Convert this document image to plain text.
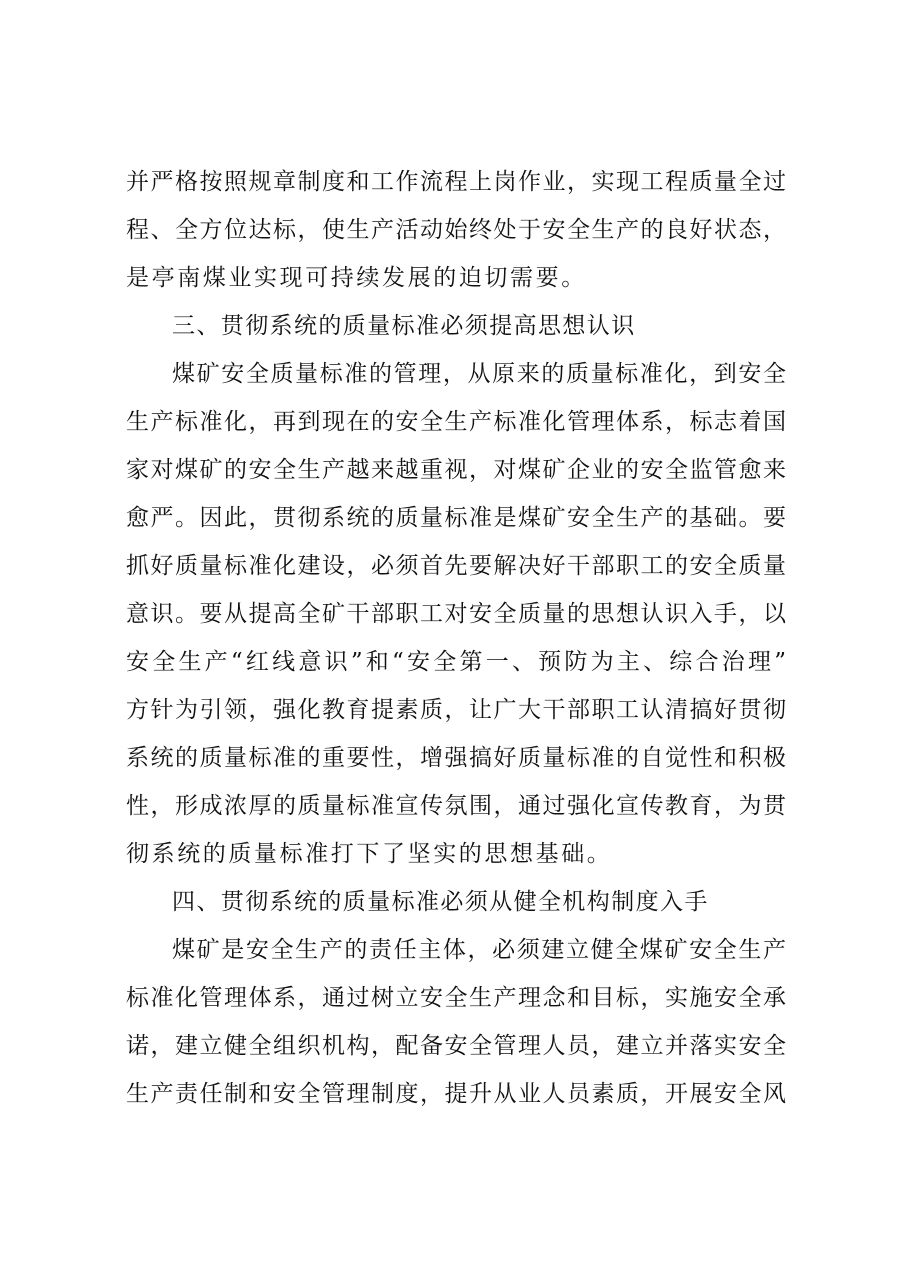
并严格按照规章制度和工作流程上岗作业，实现工程质量全过
程、全方位达标，使生产活动始终处于安全生产的良好状态，
是亭南煤业实现可持续发展的迫切需要。
三、贯彻系统的质量标准必须提高思想认识
煤矿安全质量标准的管理，从原来的质量标准化，到安全
生产标准化，再到现在的安全生产标准化管理体系，标志着国
家对煤矿的安全生产越来越重视，对煤矿企业的安全监管愈来
愈严。因此，贯彻系统的质量标准是煤矿安全生产的基础。要
抓好质量标准化建设，必须首先要解决好干部职工的安全质量
意识。要从提高全矿干部职工对安全质量的思想认识入手，以
安全生产“红线意识”和“安全第一、预防为主、综合治理”
方针为引领，强化教育提素质，让广大干部职工认清搞好贯彻
系统的质量标准的重要性，增强搞好质量标准的自觉性和积极
性，形成浓厚的质量标准宣传氛围，通过强化宣传教育，为贯
彻系统的质量标准打下了坚实的思想基础。
四、贯彻系统的质量标准必须从健全机构制度入手
煤矿是安全生产的责任主体，必须建立健全煤矿安全生产
标准化管理体系，通过树立安全生产理念和目标，实施安全承
诺，建立健全组织机构，配备安全管理人员，建立并落实安全
生产责任制和安全管理制度，提升从业人员素质，开展安全风
